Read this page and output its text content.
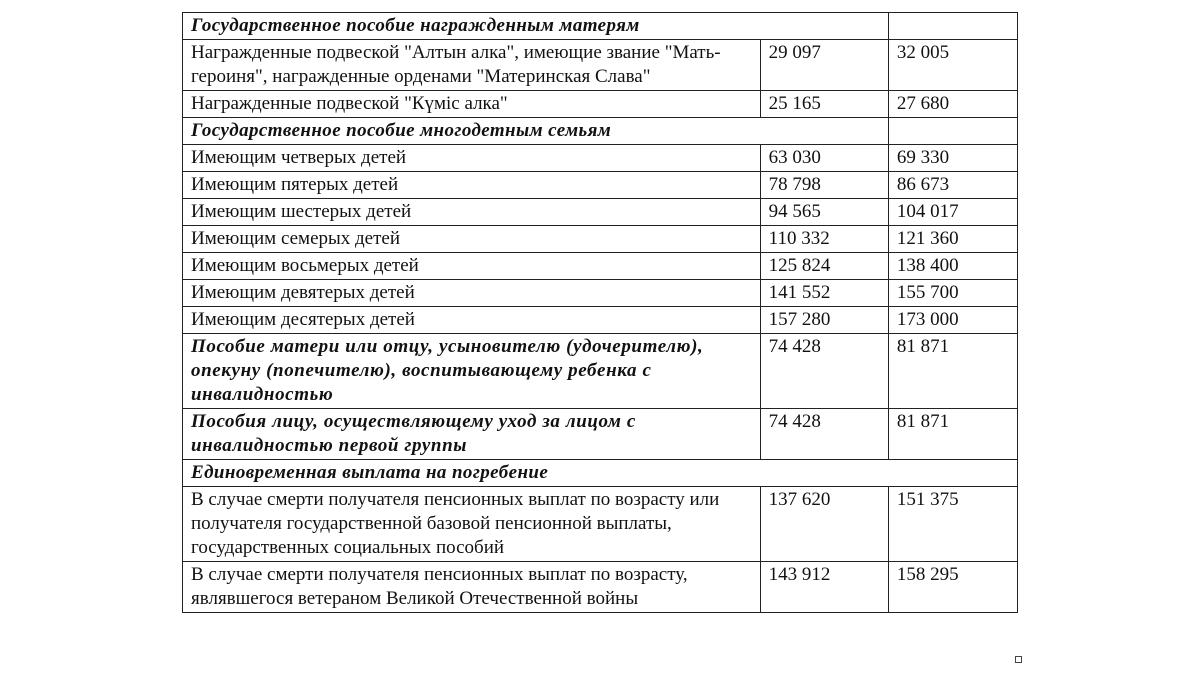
Государственное пособие награжденным матерям		
Награжденные подвеской "Алтын алка", имеющие звание "Мать-героиня", награжденные орденами "Материнская Слава"	29 097	32 005
Награжденные подвеской "Күміс алка"	25 165	27 680
Государственное пособие многодетным семьям		
Имеющим четверых детей	63 030	69 330
Имеющим пятерых детей	78 798	86 673
Имеющим шестерых детей	94 565	104 017
Имеющим семерых детей	110 332	121 360
Имеющим восьмерых детей	125 824	138 400
Имеющим девятерых детей	141 552	155 700
Имеющим десятерых детей	157 280	173 000
Пособие матери или отцу, усыновителю (удочерителю), опекуну (попечителю), воспитывающему ребенка с инвалидностью	74 428	81 871
Пособия лицу, осуществляющему уход за лицом с инвалидностью первой группы	74 428	81 871
Единовременная выплата на погребение		
В случае смерти получателя пенсионных выплат по возрасту или получателя государственной базовой пенсионной выплаты, государственных социальных пособий	137 620	151 375
В случае смерти получателя пенсионных выплат по возрасту, являвшегося ветераном Великой Отечественной войны	143 912	158 295
